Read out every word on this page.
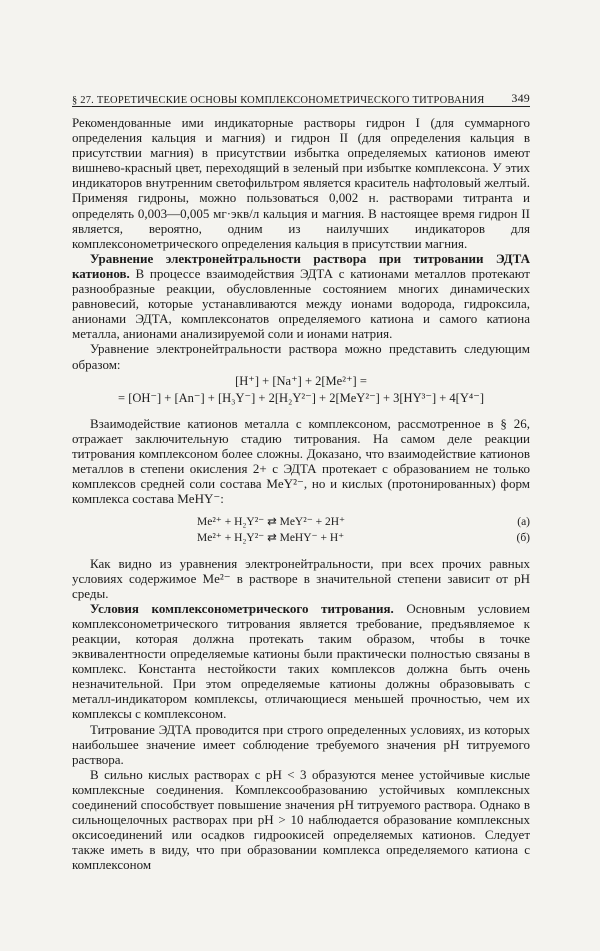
§ 27. ТЕОРЕТИЧЕСКИЕ ОСНОВЫ КОМПЛЕКСОНОМЕТРИЧЕСКОГО ТИТРОВАНИЯ 349

Рекомендованные ими индикаторные растворы гидрон I (для суммарного определения кальция и магния) и гидрон II (для определения кальция в присутствии магния) в присутствии избытка определяемых катионов имеют вишнево-красный цвет, переходящий в зеленый при избытке комплексона. У этих индикаторов внутренним светофильтром является краситель нафтоловый желтый. Применяя гидроны, можно пользоваться 0,002 н. растворами титранта и определять 0,003—0,005 мг·экв/л кальция и магния. В настоящее время гидрон II является, вероятно, одним из наилучших индикаторов для комплексонометрического определения кальция в присутствии магния.

Уравнение электронейтральности раствора при титровании ЭДТА катионов. В процессе взаимодействия ЭДТА с катионами металлов протекают разнообразные реакции, обусловленные состоянием многих динамических равновесий, которые устанавливаются между ионами водорода, гидроксила, анионами ЭДТА, комплексонатов определяемого катиона и самого катиона металла, анионами анализируемой соли и ионами натрия.

Уравнение электронейтральности раствора можно представить следующим образом:

[H⁺] + [Na⁺] + 2[Me²⁺] =
= [OH⁻] + [An⁻] + [H₃Y⁻] + 2[H₂Y²⁻] + 2[MeY²⁻] + 3[HY³⁻] + 4[Y⁴⁻]

Взаимодействие катионов металла с комплексоном, рассмотренное в § 26, отражает заключительную стадию титрования. На самом деле реакции титрования комплексоном более сложны. Доказано, что взаимодействие катионов металлов в степени окисления 2+ с ЭДТА протекает с образованием не только комплексов средней соли состава MeY²⁻, но и кислых (протонированных) форм комплекса состава MeHY⁻:

Me²⁺ + H₂Y²⁻ ⇄ MeY²⁻ + 2H⁺	(а)
Me²⁺ + H₂Y²⁻ ⇄ MeHY⁻ + H⁺	(б)

Как видно из уравнения электронейтральности, при всех прочих равных условиях содержимое Me²⁻ в растворе в значительной степени зависит от pH среды.

Условия комплексонометрического титрования. Основным условием комплексонометрического титрования является требование, предъявляемое к реакции, которая должна протекать таким образом, чтобы в точке эквивалентности определяемые катионы были практически полностью связаны в комплекс. Константа нестойкости таких комплексов должна быть очень незначительной. При этом определяемые катионы должны образовывать с металл-индикатором комплексы, отличающиеся меньшей прочностью, чем их комплексы с комплексоном.

Титрование ЭДТА проводится при строго определенных условиях, из которых наибольшее значение имеет соблюдение требуемого значения pH титруемого раствора.

В сильно кислых растворах с pH < 3 образуются менее устойчивые кислые комплексные соединения. Комплексообразованию устойчивых комплексных соединений способствует повышение значения pH титруемого раствора. Однако в сильнощелочных растворах при pH > 10 наблюдается образование комплексных оксисоединений или осадков гидроокисей определяемых катионов. Следует также иметь в виду, что при образовании комплекса определяемого катиона с комплексоном
